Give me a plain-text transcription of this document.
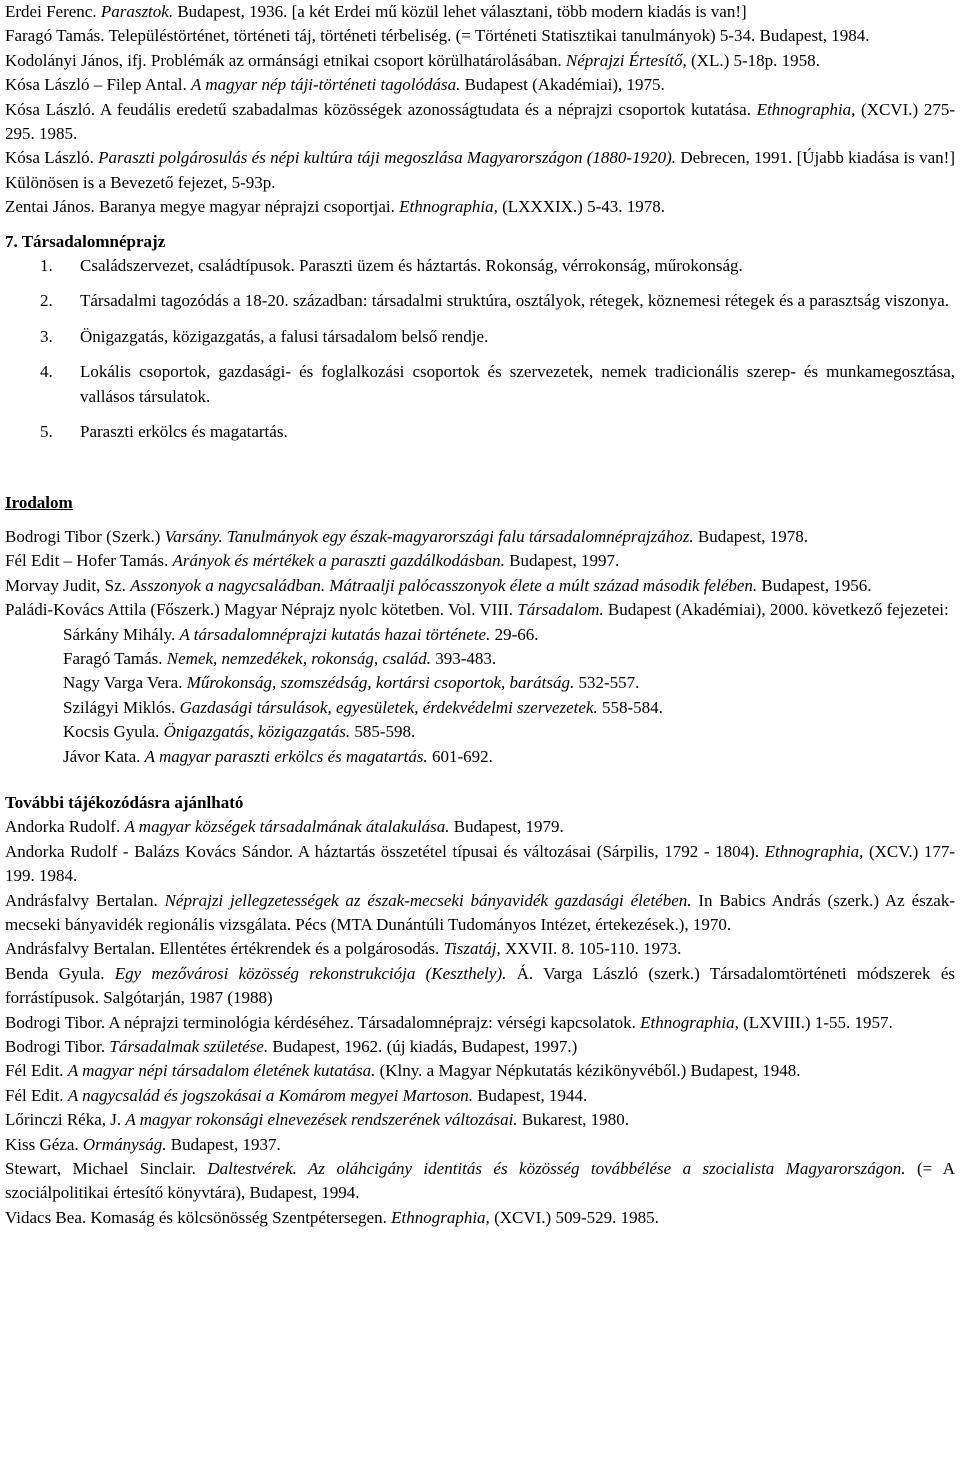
Erdei Ferenc. Parasztok. Budapest, 1936. [a két Erdei mű közül lehet választani, több modern kiadás is van!]
Faragó Tamás. Településtörténet, történeti táj, történeti térbeliség. (= Történeti Statisztikai tanulmányok) 5-34. Budapest, 1984.
Kodolányi János, ifj. Problémák az ormánsági etnikai csoport körülhatárolásában. Néprajzi Értesítő, (XL.) 5-18p. 1958.
Kósa László – Filep Antal. A magyar nép táji-történeti tagolódása. Budapest (Akadémiai), 1975.
Kósa László. A feudális eredetű szabadalmas közösségek azonosságtudata és a néprajzi csoportok kutatása. Ethnographia, (XCVI.) 275-295. 1985.
Kósa László. Paraszti polgárosulás és népi kultúra táji megoszlása Magyarországon (1880-1920). Debrecen, 1991. [Újabb kiadása is van!] Különösen is a Bevezető fejezet, 5-93p.
Zentai János. Baranya megye magyar néprajzi csoportjai. Ethnographia, (LXXXIX.) 5-43. 1978.
7. Társadalomnéprajz
1.	Családszervezet, családtípusok. Paraszti üzem és háztartás. Rokonság, vérrokonság, műrokonság.
2.	Társadalmi tagozódás a 18-20. században: társadalmi struktúra, osztályok, rétegek, köznemesi rétegek és a parasztság viszonya.
3.	Önigazgatás, közigazgatás, a falusi társadalom belső rendje.
4.	Lokális csoportok, gazdasági- és foglalkozási csoportok és szervezetek, nemek tradicionális szerep- és munkamegosztása, vallásos társulatok.
5.	Paraszti erkölcs és magatartás.
Irodalom
Bodrogi Tibor (Szerk.) Varsány. Tanulmányok egy észak-magyarországi falu társadalomnéprajzához. Budapest, 1978.
Fél Edit – Hofer Tamás. Arányok és mértékek a paraszti gazdálkodásban. Budapest, 1997.
Morvay Judit, Sz. Asszonyok a nagycsaládban. Mátraalji palócasszonyok élete a múlt század második felében. Budapest, 1956.
Paládi-Kovács Attila (Főszerk.) Magyar Néprajz nyolc kötetben. Vol. VIII. Társadalom. Budapest (Akadémiai), 2000. következő fejezetei:
Sárkány Mihály. A társadalomnéprajzi kutatás hazai története. 29-66.
Faragó Tamás. Nemek, nemzedékek, rokonság, család. 393-483.
Nagy Varga Vera. Műrokonság, szomszédság, kortársi csoportok, barátság. 532-557.
Szilágyi Miklós. Gazdasági társulások, egyesületek, érdekvédelmi szervezetek. 558-584.
Kocsis Gyula. Önigazgatás, közigazgatás. 585-598.
Jávor Kata. A magyar paraszti erkölcs és magatartás. 601-692.
További tájékozódásra ajánlható
Andorka Rudolf. A magyar községek társadalmának átalakulása. Budapest, 1979.
Andorka Rudolf - Balázs Kovács Sándor. A háztartás összetétel típusai és változásai (Sárpilis, 1792 - 1804). Ethnographia, (XCV.) 177-199. 1984.
Andrásfalvy Bertalan. Néprajzi jellegzetességek az észak-mecseki bányavidék gazdasági életében. In Babics András (szerk.) Az észak-mecseki bányavidék regionális vizsgálata. Pécs (MTA Dunántúli Tudományos Intézet, értekezések.), 1970.
Andrásfalvy Bertalan. Ellentétes értékrendek és a polgárosodás. Tiszatáj, XXVII. 8. 105-110. 1973.
Benda Gyula. Egy mezővárosi közösség rekonstrukciója (Keszthely). Á. Varga László (szerk.) Társadalomtörténeti módszerek és forrástípusok. Salgótarján, 1987 (1988)
Bodrogi Tibor. A néprajzi terminológia kérdéséhez. Társadalomnéprajz: vérségi kapcsolatok. Ethnographia, (LXVIII.) 1-55. 1957.
Bodrogi Tibor. Társadalmak születése. Budapest, 1962. (új kiadás, Budapest, 1997.)
Fél Edit. A magyar népi társadalom életének kutatása. (Klny. a Magyar Népkutatás kézikönyvéből.) Budapest, 1948.
Fél Edit. A nagycsalád és jogszokásai a Komárom megyei Martoson. Budapest, 1944.
Lőrinczi Réka, J. A magyar rokonsági elnevezések rendszerének változásai. Bukarest, 1980.
Kiss Géza. Ormányság. Budapest, 1937.
Stewart, Michael Sinclair. Daltestvérek. Az oláhcigány identitás és közösség továbbélése a szocialista Magyarországon. (= A szociálpolitikai értesítő könyvtára), Budapest, 1994.
Vidacs Bea. Komaság és kölcsönösség Szentpétersegen. Ethnographia, (XCVI.) 509-529. 1985.
